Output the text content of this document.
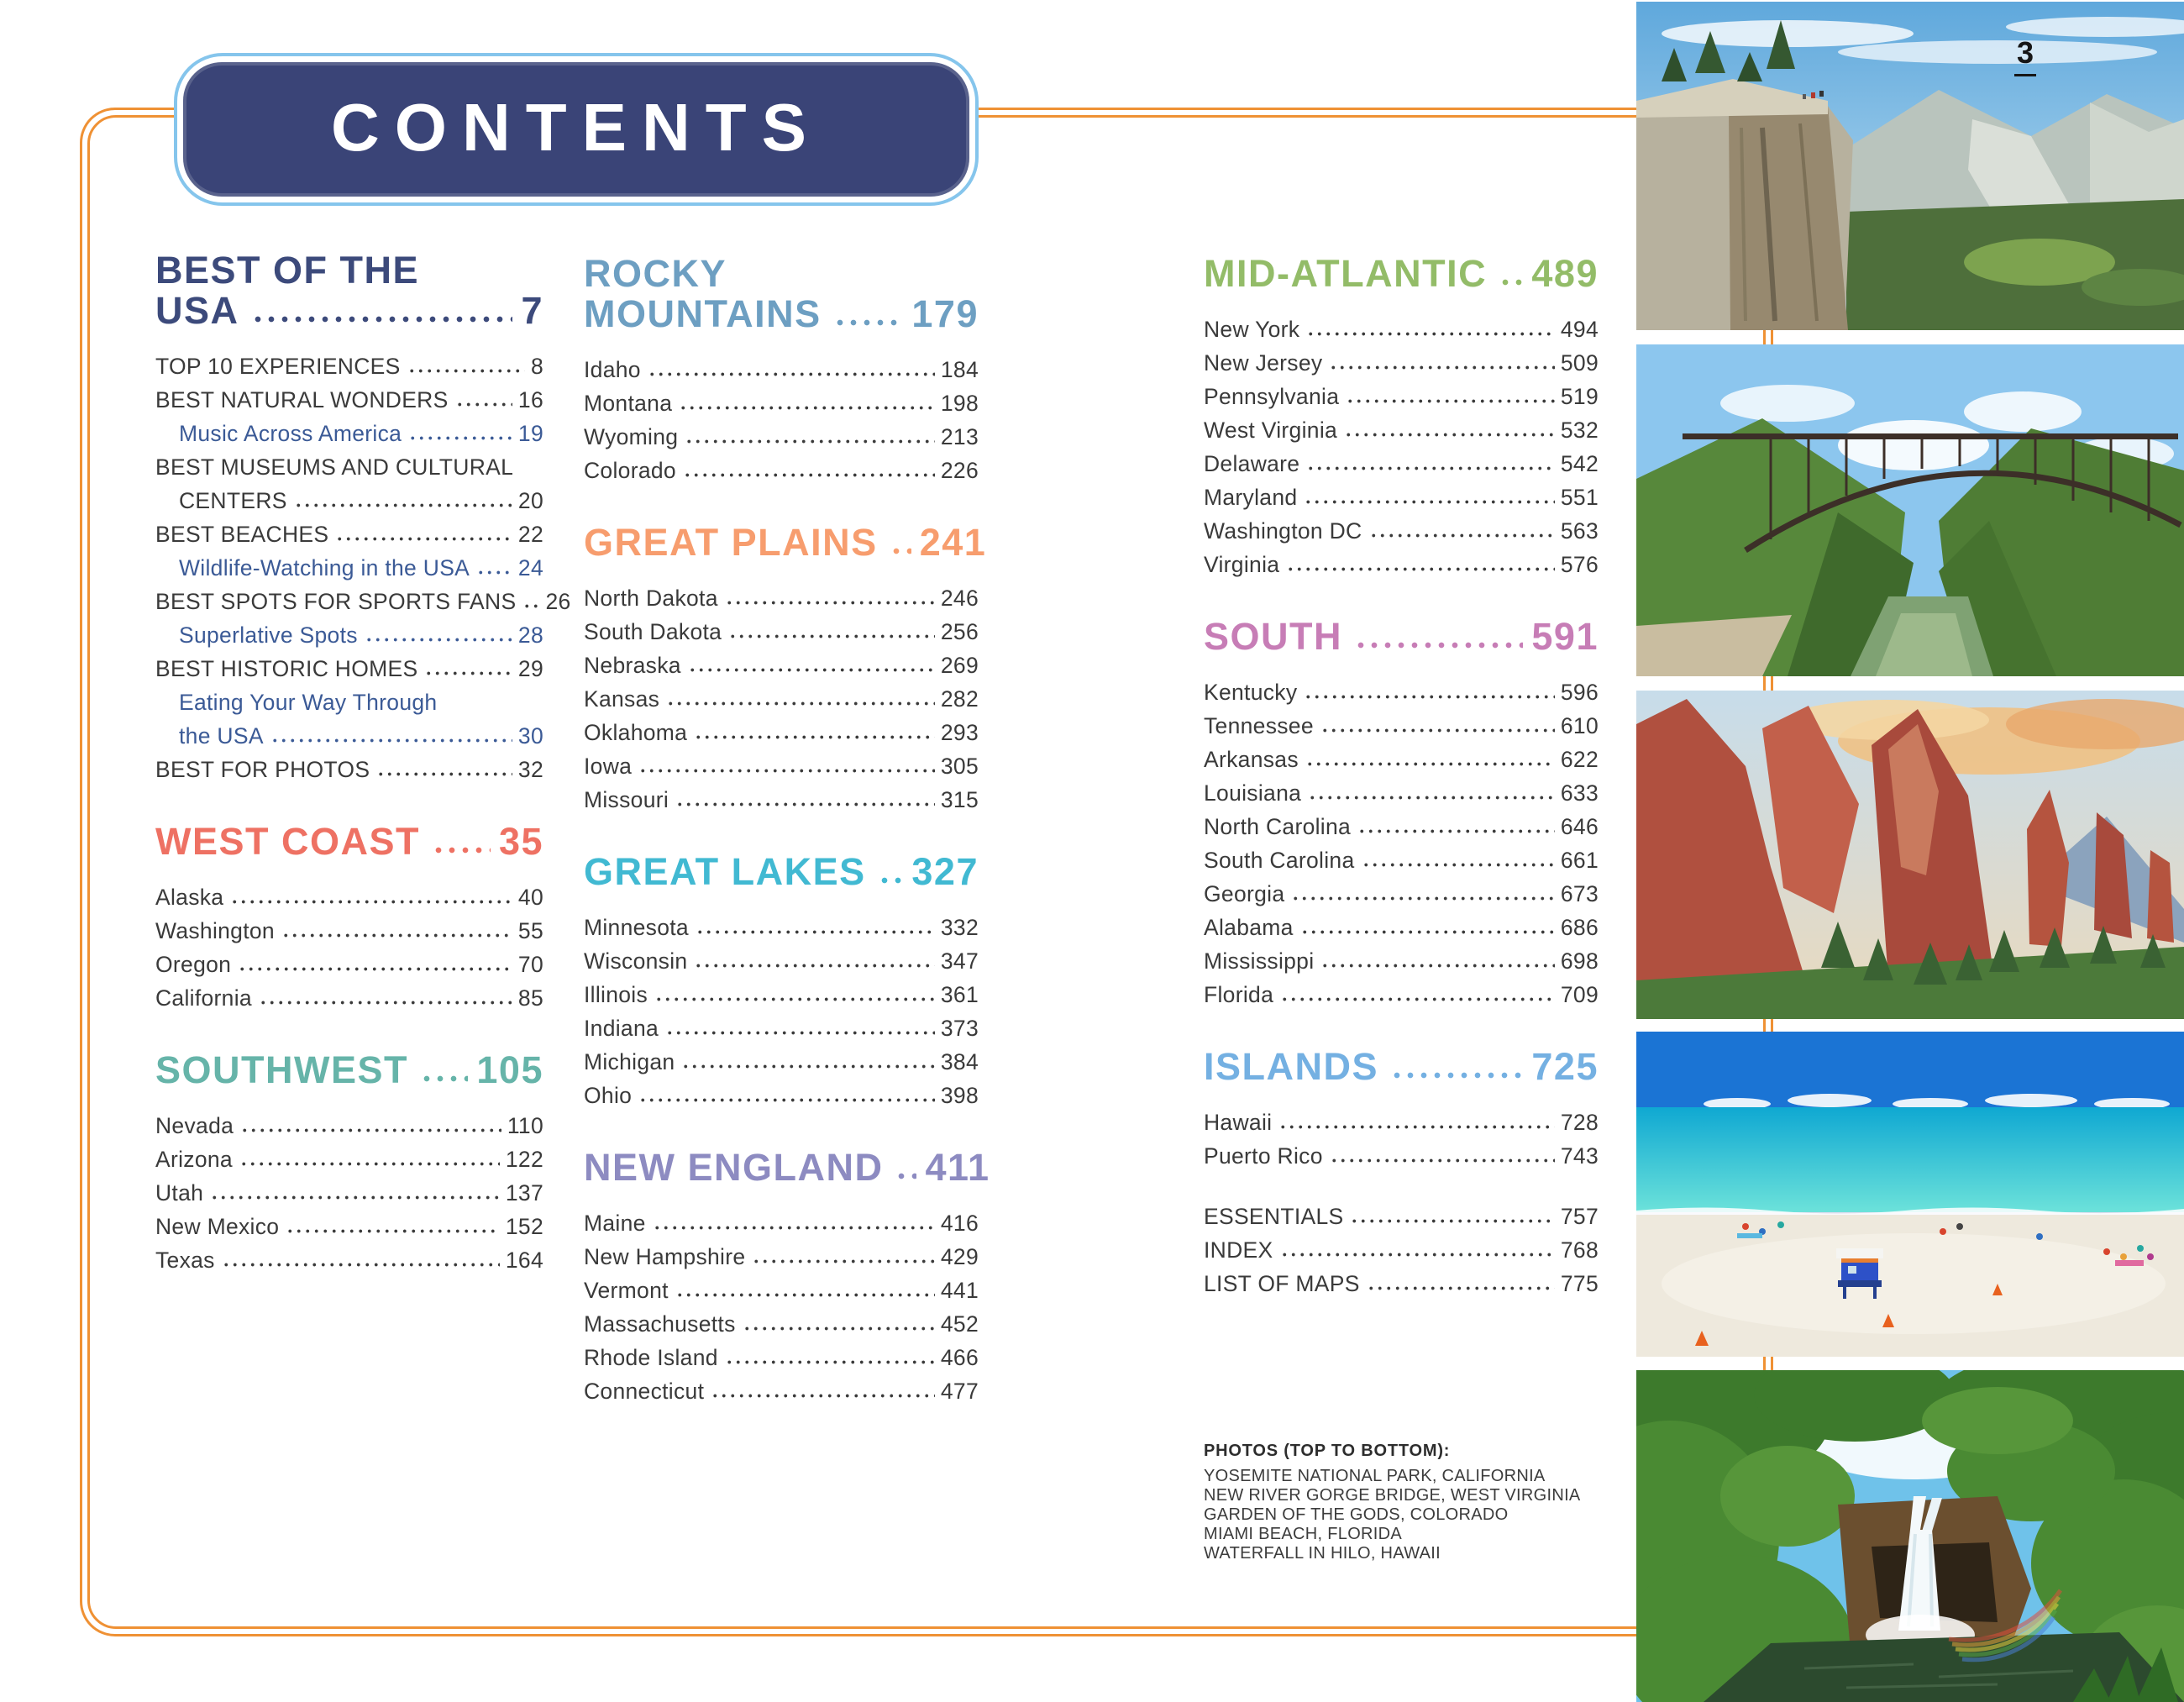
CONTENTS
BEST OF THE
USA	7
TOP 10 EXPERIENCES	8
BEST NATURAL WONDERS	16
Music Across America	19
BEST MUSEUMS AND CULTURAL
CENTERS	20
BEST BEACHES	22
Wildlife-Watching in the USA 24
BEST SPOTS FOR SPORTS FANS 26
Superlative Spots	28
BEST HISTORIC HOMES	29
Eating Your Way Through
the USA	30
BEST FOR PHOTOS	32
WEST COAST 35
Alaska	40
Washington	55
Oregon	70
California	85
SOUTHWEST 105
Nevada	110
Arizona	122
Utah	137
New Mexico	152
Texas	164
ROCKY
MOUNTAINS 179
Idaho	184
Montana	198
Wyoming	213
Colorado	226
GREAT PLAINS 241
North Dakota	246
South Dakota	256
Nebraska	269
Kansas	282
Oklahoma	293
Iowa	305
Missouri	315
GREAT LAKES 327
Minnesota	332
Wisconsin	347
Illinois	361
Indiana	373
Michigan	384
Ohio	398
NEW ENGLAND 411
Maine	416
New Hampshire	429
Vermont	441
Massachusetts	452
Rhode Island	466
Connecticut	477
MID-ATLANTIC 489
New York	494
New Jersey	509
Pennsylvania	519
West Virginia	532
Delaware	542
Maryland	551
Washington DC	563
Virginia	576
SOUTH	591
Kentucky	596
Tennessee	610
Arkansas	622
Louisiana	633
North Carolina	646
South Carolina	661
Georgia	673
Alabama	686
Mississippi	698
Florida	709
ISLANDS	725
Hawaii	728
Puerto Rico	743
ESSENTIALS	757
INDEX	768
LIST OF MAPS	775
PHOTOS (TOP TO BOTTOM):
YOSEMITE NATIONAL PARK, CALIFORNIA
NEW RIVER GORGE BRIDGE, WEST VIRGINIA
GARDEN OF THE GODS, COLORADO
MIAMI BEACH, FLORIDA
WATERFALL IN HILO, HAWAII
3
